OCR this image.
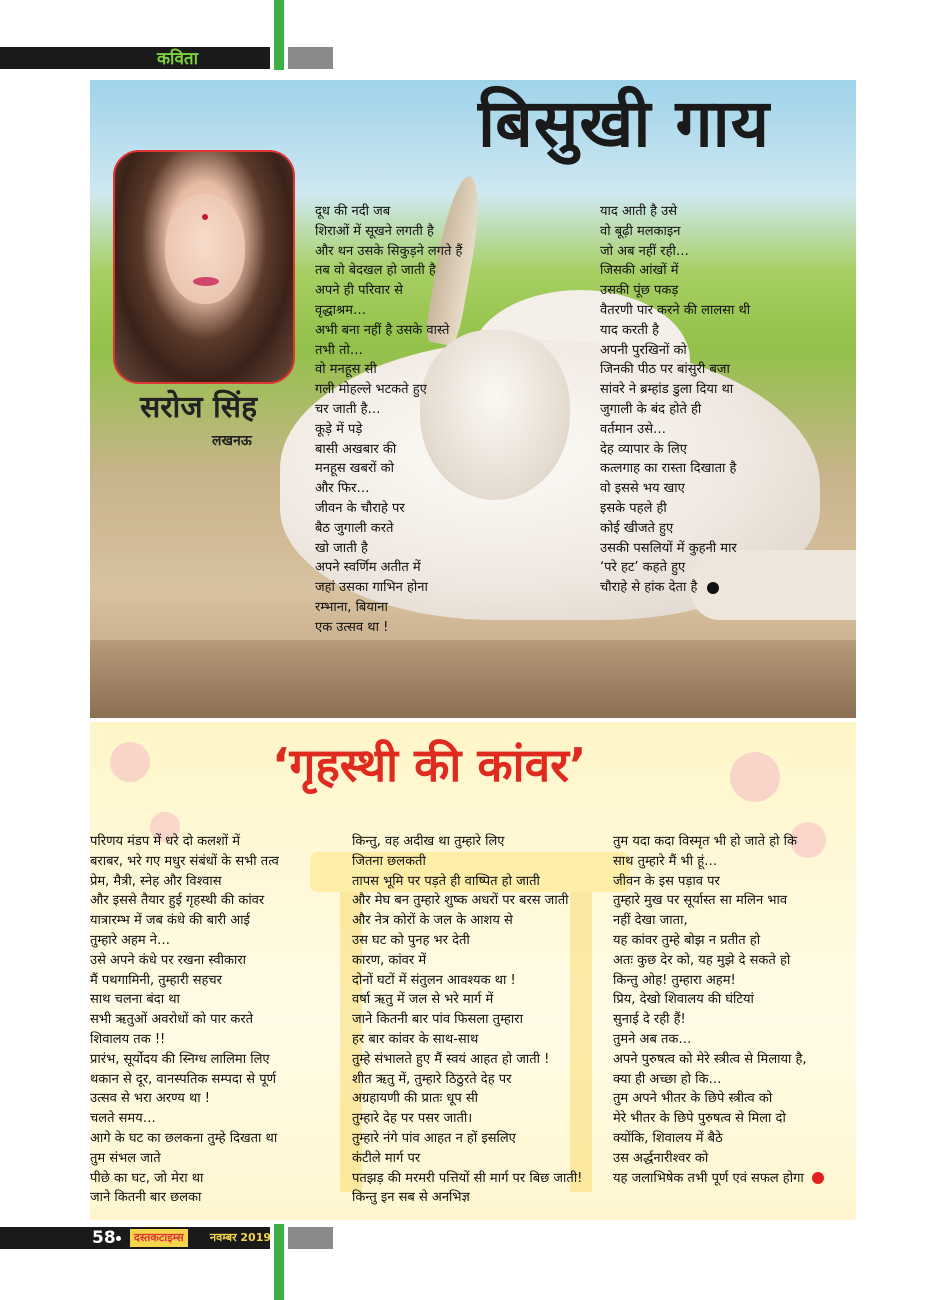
कविता
बिसुखी गाय
सरोज सिंह
लखनऊ
दूध की नदी जब
शिराओं में सूखने लगती है
और थन उसके सिकुड़ने लगते हैं
तब वो बेदखल हो जाती है
अपने ही परिवार से
वृद्धाश्रम…
अभी बना नहीं है उसके वास्ते
तभी तो…
वो मनहूस सी
गली मोहल्ले भटकते हुए
चर जाती है…
कूड़े में पड़े
बासी अखबार की
मनहूस खबरों को
और फिर…
जीवन के चौराहे पर
बैठ जुगाली करते
खो जाती है
अपने स्वर्णिम अतीत में
जहां उसका गाभिन होना
रम्भाना, बियाना
एक उत्सव था !
याद आती है उसे
वो बूढ़ी मलकाइन
जो अब नहीं रही…
जिसकी आंखों में
उसकी पूंछ पकड़
वैतरणी पार करने की लालसा थी
याद करती है
अपनी पुरखिनों को
जिनकी पीठ पर बांसुरी बजा
सांवरे ने ब्रम्हांड डुला दिया था
जुगाली के बंद होते ही
वर्तमान उसे…
देह व्यापार के लिए
कत्लगाह का रास्ता दिखाता है
वो इससे भय खाए
इसके पहले ही
कोई खीजते हुए
उसकी पसलियों में कुहनी मार
‘परे हट’ कहते हुए
चौराहे से हांक देता है
‘गृहस्थी की कांवर’
परिणय मंडप में धरे दो कलशों में
बराबर, भरे गए मधुर संबंधों के सभी तत्व
प्रेम, मैत्री, स्नेह और विश्वास
और इससे तैयार हुई गृहस्थी की कांवर
यात्रारम्भ में जब कंधे की बारी आई
तुम्हारे अहम ने…
उसे अपने कंधे पर रखना स्वीकारा
मैं पथगामिनी, तुम्हारी सहचर
साथ चलना बंदा था
सभी ऋतुओं अवरोधों को पार करते
शिवालय तक !!
प्रारंभ, सूर्योदय की स्निग्ध लालिमा लिए
थकान से दूर, वानस्पतिक सम्पदा से पूर्ण
उत्सव से भरा अरण्य था !
चलते समय…
आगे के घट का छलकना तुम्हे दिखता था
तुम संभल जाते
पीछे का घट, जो मेरा था
जाने कितनी बार छलका
किन्तु, वह अदीख था तुम्हारे लिए
जितना छलकती
तापस भूमि पर पड़ते ही वाष्पित हो जाती
और मेघ बन तुम्हारे शुष्क अधरों पर बरस जाती
और नेत्र कोरों के जल के आशय से
उस घट को पुनह भर देती
कारण, कांवर में
दोनों घटों में संतुलन आवश्यक था !
वर्षा ऋतु में जल से भरे मार्ग में
जाने कितनी बार पांव फिसला तुम्हारा
हर बार कांवर के साथ-साथ
तुम्हे संभालते हुए मैं स्वयं आहत हो जाती !
शीत ऋतु में, तुम्हारे ठिठुरते देह पर
अग्रहायणी की प्रातः धूप सी
तुम्हारे देह पर पसर जाती।
तुम्हारे नंगे पांव आहत न हों इसलिए
कंटीले मार्ग पर
पतझड़ की मरमरी पत्तियों सी मार्ग पर बिछ जाती!
किन्तु इन सब से अनभिज्ञ
तुम यदा कदा विस्मृत भी हो जाते हो कि
साथ तुम्हारे मैं भी हूं…
जीवन के इस पड़ाव पर
तुम्हारे मुख पर सूर्यास्त सा मलिन भाव
नहीं देखा जाता,
यह कांवर तुम्हे बोझ न प्रतीत हो
अतः कुछ देर को, यह मुझे दे सकते हो
किन्तु ओह! तुम्हारा अहम!
प्रिय, देखो शिवालय की घंटियां
सुनाई दे रही हैं!
तुमने अब तक…
अपने पुरुषत्व को मेरे स्त्रीत्व से मिलाया है,
क्या ही अच्छा हो कि…
तुम अपने भीतर के छिपे स्त्रीत्व को
मेरे भीतर के छिपे पुरुषत्व से मिला दो
क्योंकि, शिवालय में बैठे
उस अर्द्धनारीश्वर को
यह जलाभिषेक तभी पूर्ण एवं सफल होगा
58	दस्तकटाइम्स	नवम्बर 2019
